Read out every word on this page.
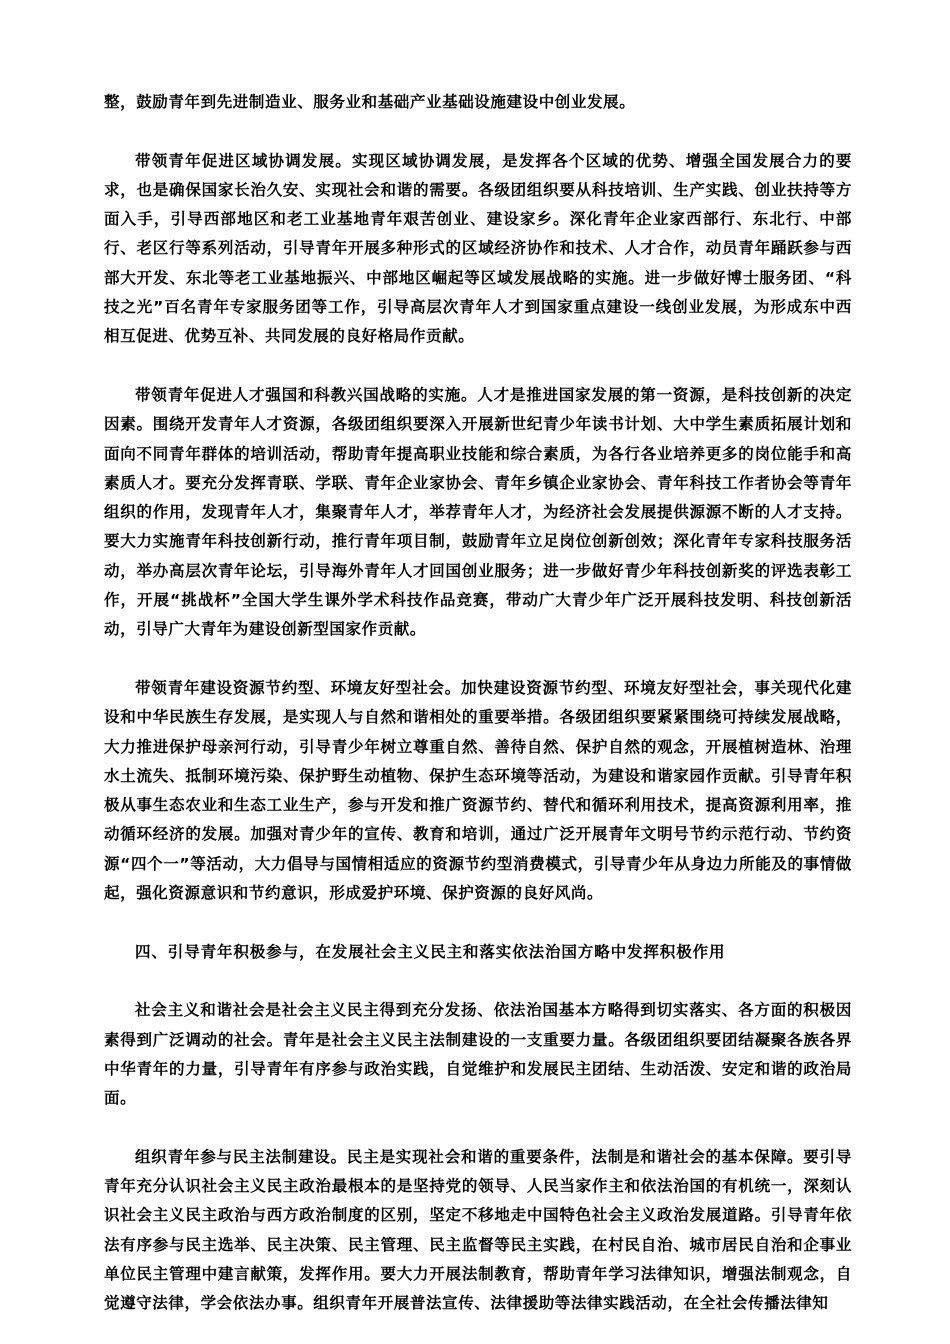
整，鼓励青年到先进制造业、服务业和基础产业基础设施建设中创业发展。

带领青年促进区域协调发展。实现区域协调发展，是发挥各个区域的优势、增强全国发展合力的要求，也是确保国家长治久安、实现社会和谐的需要。各级团组织要从科技培训、生产实践、创业扶持等方面入手，引导西部地区和老工业基地青年艰苦创业、建设家乡。深化青年企业家西部行、东北行、中部行、老区行等系列活动，引导青年开展多种形式的区域经济协作和技术、人才合作，动员青年踊跃参与西部大开发、东北等老工业基地振兴、中部地区崛起等区域发展战略的实施。进一步做好博士服务团、“科技之光”百名青年专家服务团等工作，引导高层次青年人才到国家重点建设一线创业发展，为形成东中西相互促进、优势互补、共同发展的良好格局作贡献。

带领青年促进人才强国和科教兴国战略的实施。人才是推进国家发展的第一资源，是科技创新的决定因素。围绕开发青年人才资源，各级团组织要深入开展新世纪青少年读书计划、大中学生素质拓展计划和面向不同青年群体的培训活动，帮助青年提高职业技能和综合素质，为各行各业培养更多的岗位能手和高素质人才。要充分发挥青联、学联、青年企业家协会、青年乡镇企业家协会、青年科技工作者协会等青年组织的作用，发现青年人才，集聚青年人才，举荐青年人才，为经济社会发展提供源源不断的人才支持。要大力实施青年科技创新行动，推行青年项目制，鼓励青年立足岗位创新创效；深化青年专家科技服务活动，举办高层次青年论坛，引导海外青年人才回国创业服务；进一步做好青少年科技创新奖的评选表彰工作，开展“挑战杯”全国大学生课外学术科技作品竞赛，带动广大青少年广泛开展科技发明、科技创新活动，引导广大青年为建设创新型国家作贡献。

带领青年建设资源节约型、环境友好型社会。加快建设资源节约型、环境友好型社会，事关现代化建设和中华民族生存发展，是实现人与自然和谐相处的重要举措。各级团组织要紧紧围绕可持续发展战略，大力推进保护母亲河行动，引导青少年树立尊重自然、善待自然、保护自然的观念，开展植树造林、治理水土流失、抵制环境污染、保护野生动植物、保护生态环境等活动，为建设和谐家园作贡献。引导青年积极从事生态农业和生态工业生产，参与开发和推广资源节约、替代和循环利用技术，提高资源利用率，推动循环经济的发展。加强对青少年的宣传、教育和培训，通过广泛开展青年文明号节约示范行动、节约资源“四个一”等活动，大力倡导与国情相适应的资源节约型消费模式，引导青少年从身边力所能及的事情做起，强化资源意识和节约意识，形成爱护环境、保护资源的良好风尚。

四、引导青年积极参与，在发展社会主义民主和落实依法治国方略中发挥积极作用

社会主义和谐社会是社会主义民主得到充分发扬、依法治国基本方略得到切实落实、各方面的积极因素得到广泛调动的社会。青年是社会主义民主法制建设的一支重要力量。各级团组织要团结凝聚各族各界中华青年的力量，引导青年有序参与政治实践，自觉维护和发展民主团结、生动活泼、安定和谐的政治局面。

组织青年参与民主法制建设。民主是实现社会和谐的重要条件，法制是和谐社会的基本保障。要引导青年充分认识社会主义民主政治最根本的是坚持党的领导、人民当家作主和依法治国的有机统一，深刻认识社会主义民主政治与西方政治制度的区别，坚定不移地走中国特色社会主义政治发展道路。引导青年依法有序参与民主选举、民主决策、民主管理、民主监督等民主实践，在村民自治、城市居民自治和企事业单位民主管理中建言献策，发挥作用。要大力开展法制教育，帮助青年学习法律知识，增强法制观念，自觉遵守法律，学会依法办事。组织青年开展普法宣传、法律援助等法律实践活动，在全社会传播法律知
